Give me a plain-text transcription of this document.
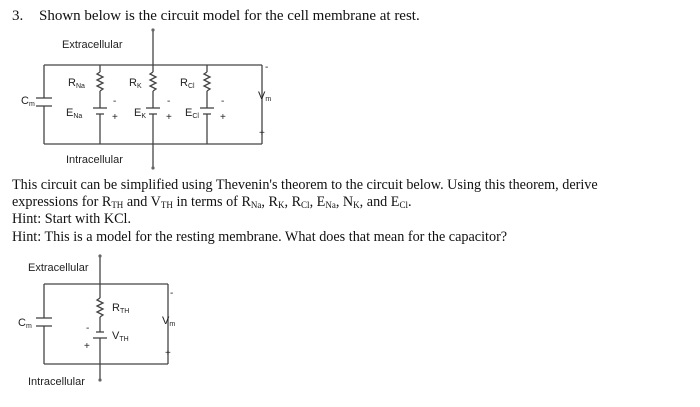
3. Shown below is the circuit model for the cell membrane at rest.
Extracellular
Intracellular
Cm
RNa	RK	RCl
ENa	EK	ECl
+
-
+
-
+
-
-
Vm
+
Extracellular
Intracellular
Cm
RTH
VTH
-
+
-
Vm
+
This circuit can be simplified using Thevenin's theorem to the circuit below. Using this theorem, derive
expressions for $R_{TH}$ and $V_{TH}$ in terms of $R_{Na}$, $R_K$, $R_{Cl}$, $E_{Na}$, $N_K$, and $E_{Cl}$.
Hint: Start with KCl.
Hint: This is a model for the resting membrane. What does that mean for the capacitor?
